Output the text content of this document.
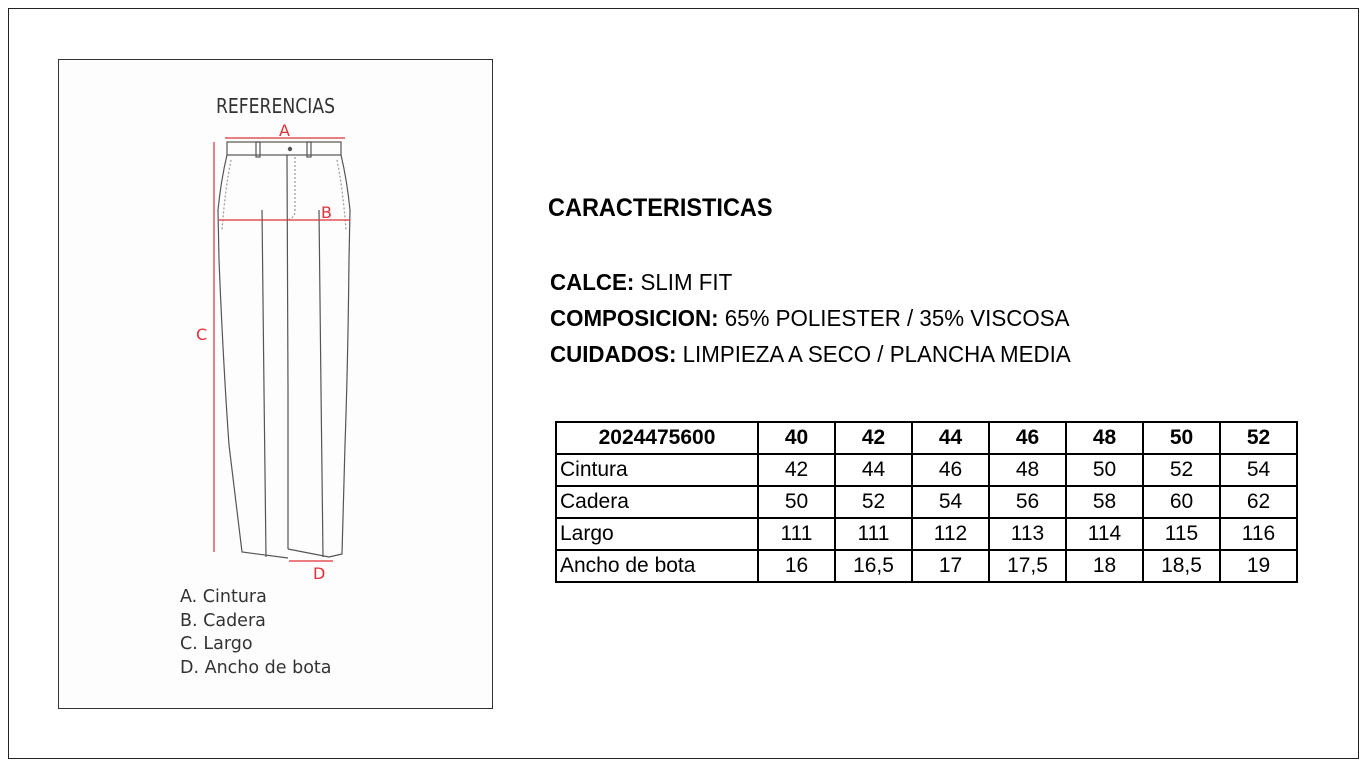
REFERENCIAS
A
B
C
D
A. Cintura
B. Cadera
C. Largo
D. Ancho de bota
CARACTERISTICAS
CALCE: SLIM FIT
COMPOSICION: 65% POLIESTER / 35% VISCOSA
CUIDADOS: LIMPIEZA A SECO / PLANCHA MEDIA
2024475600	40	42	44	46	48	50	52
Cintura	42	44	46	48	50	52	54
Cadera	50	52	54	56	58	60	62
Largo	111	111	112	113	114	115	116
Ancho de bota	16	16,5	17	17,5	18	18,5	19
